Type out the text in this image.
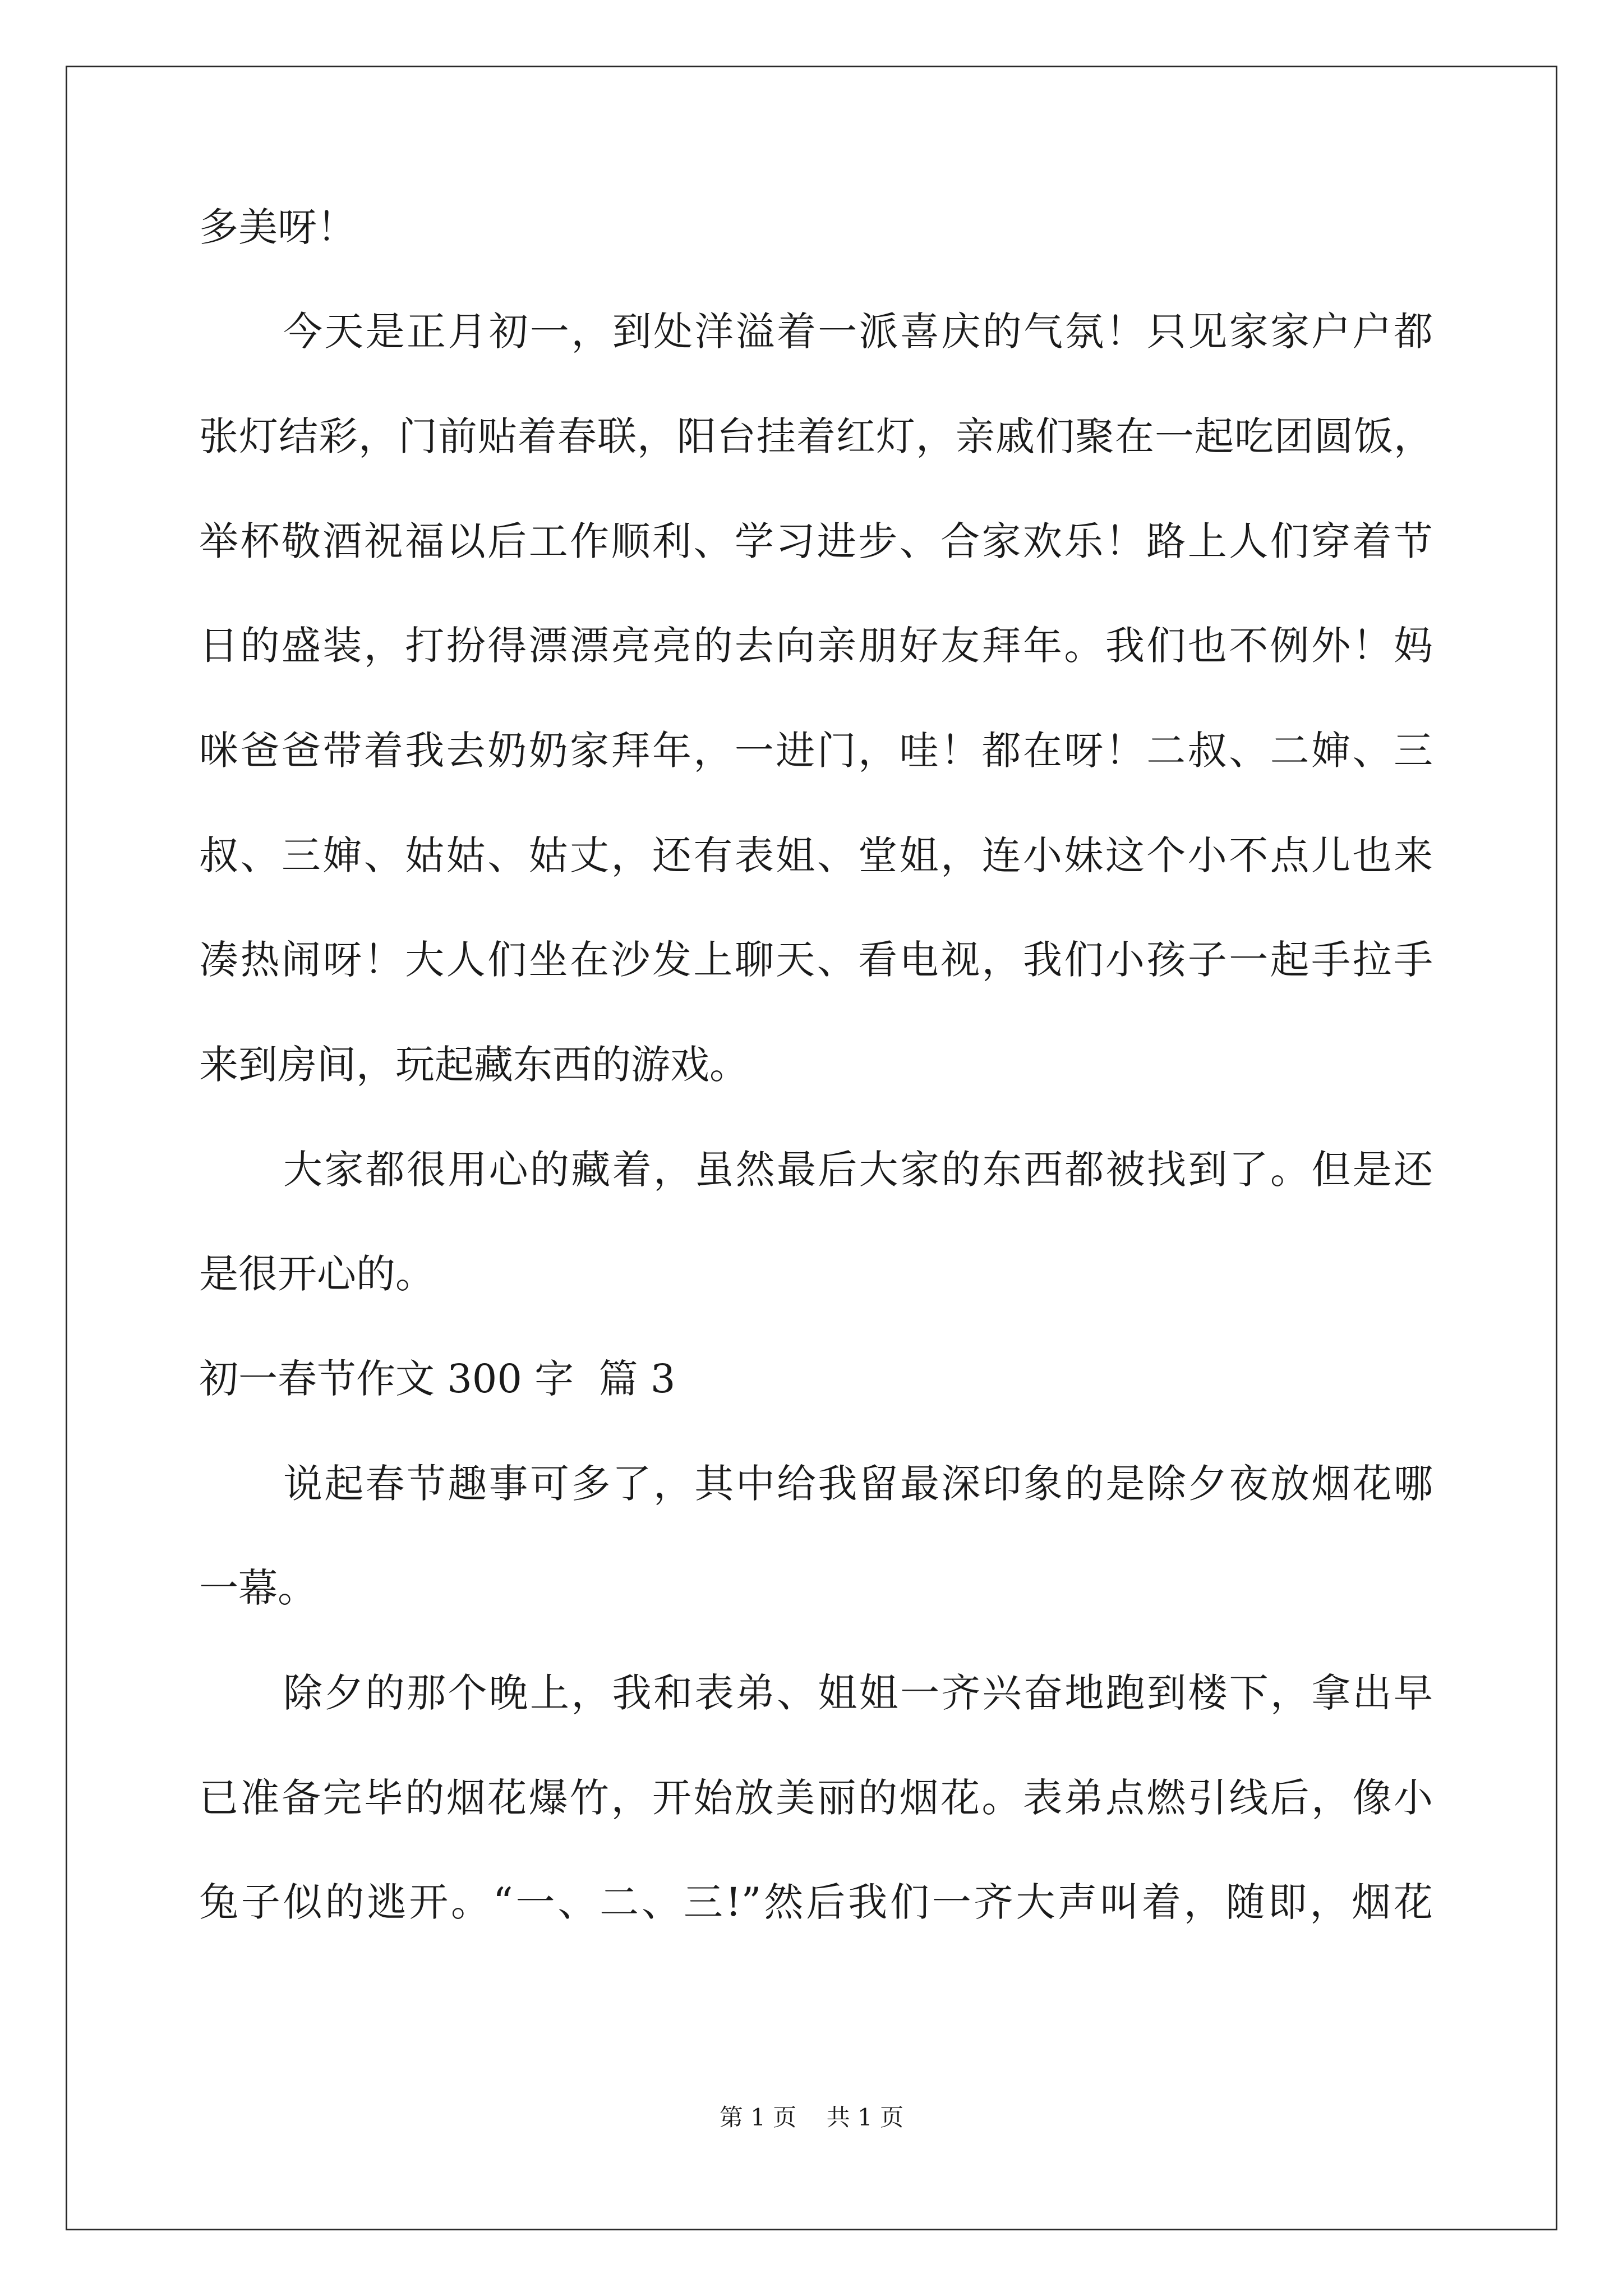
多美呀！
今天是正月初一，到处洋溢着一派喜庆的气氛！只见家家户户都
张灯结彩，门前贴着春联，阳台挂着红灯，亲戚们聚在一起吃团圆饭，
举杯敬酒祝福以后工作顺利、学习进步、合家欢乐！路上人们穿着节
日的盛装，打扮得漂漂亮亮的去向亲朋好友拜年。我们也不例外！妈
咪爸爸带着我去奶奶家拜年，一进门，哇！都在呀！二叔、二婶、三
叔、三婶、姑姑、姑丈，还有表姐、堂姐，连小妹这个小不点儿也来
凑热闹呀！大人们坐在沙发上聊天、看电视，我们小孩子一起手拉手
来到房间，玩起藏东西的游戏。
大家都很用心的藏着，虽然最后大家的东西都被找到了。但是还
是很开心的。
初一春节作文 300 字  篇 3
说起春节趣事可多了，其中给我留最深印象的是除夕夜放烟花哪
一幕。
除夕的那个晚上，我和表弟、姐姐一齐兴奋地跑到楼下，拿出早
已准备完毕的烟花爆竹，开始放美丽的烟花。表弟点燃引线后，像小
兔子似的逃开。“一、二、三!”然后我们一齐大声叫着，随即，烟花
第 1 页    共 1 页
